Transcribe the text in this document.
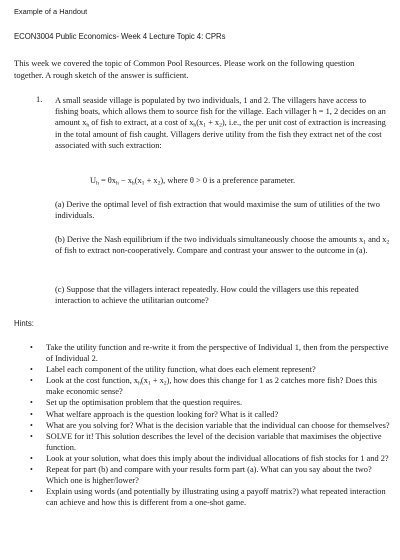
Example of a Handout
ECON3004 Public Economics- Week 4 Lecture Topic 4: CPRs
This week we covered the topic of Common Pool Resources. Please work on the following question together. A rough sketch of the answer is sufficient.
1. A small seaside village is populated by two individuals, 1 and 2. The villagers have access to fishing boats, which allows them to source fish for the village. Each villager h = 1, 2 decides on an amount $x_h$ of fish to extract, at a cost of $x_h(x_1 + x_2)$, i.e., the per unit cost of extraction is increasing in the total amount of fish caught. Villagers derive utility from the fish they extract net of the cost associated with such extraction:

$U_h = \theta x_h - x_h(x_1 + x_2)$, where θ > 0 is a preference parameter.
(a) Derive the optimal level of fish extraction that would maximise the sum of utilities of the two individuals.
(b) Derive the Nash equilibrium if the two individuals simultaneously choose the amounts $x_1$ and $x_2$ of fish to extract non-cooperatively. Compare and contrast your answer to the outcome in (a).
(c) Suppose that the villagers interact repeatedly. How could the villagers use this repeated interaction to achieve the utilitarian outcome?
Hints:
• Take the utility function and re-write it from the perspective of Individual 1, then from the perspective of Individual 2.
• Label each component of the utility function, what does each element represent?
• Look at the cost function, $x_h(x_1 + x_2)$, how does this change for 1 as 2 catches more fish? Does this make economic sense?
• Set up the optimisation problem that the question requires.
• What welfare approach is the question looking for? What is it called?
• What are you solving for? What is the decision variable that the individual can choose for themselves?
• SOLVE for it! This solution describes the level of the decision variable that maximises the objective function.
• Look at your solution, what does this imply about the individual allocations of fish stocks for 1 and 2?
• Repeat for part (b) and compare with your results form part (a). What can you say about the two? Which one is higher/lower?
• Explain using words (and potentially by illustrating using a payoff matrix?) what repeated interaction can achieve and how this is different from a one-shot game.
